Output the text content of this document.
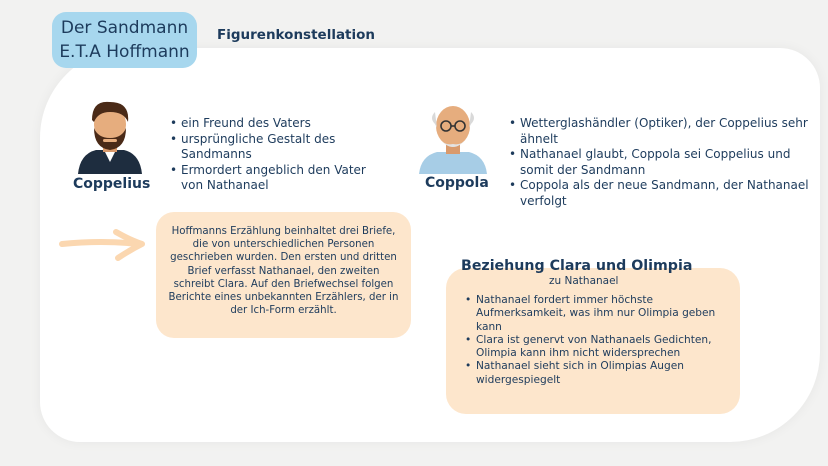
Der Sandmann
E.T.A Hoffmann
Figurenkonstellation
Coppelius
• ein Freund des Vaters
• ursprüngliche Gestalt des Sandmanns
• Ermordert angeblich den Vater von Nathanael	Coppola
• Wetterglashändler (Optiker), der Coppelius sehr ähnelt
• Nathanael glaubt, Coppola sei Coppelius und somit der Sandmann
• Coppola als der neue Sandmann, der Nathanael verfolgt
Hoffmanns Erzählung beinhaltet drei Briefe, die von unterschiedlichen Personen geschrieben wurden. Den ersten und dritten Brief verfasst Nathanael, den zweiten schreibt Clara. Auf den Briefwechsel folgen Berichte eines unbekannten Erzählers, der in der Ich-Form erzählt.
Beziehung Clara und Olimpia
zu Nathanael
• Nathanael fordert immer höchste Aufmerksamkeit, was ihm nur Olimpia geben kann
• Clara ist genervt von Nathanaels Gedichten, Olimpia kann ihm nicht widersprechen
• Nathanael sieht sich in Olimpias Augen widergespiegelt
